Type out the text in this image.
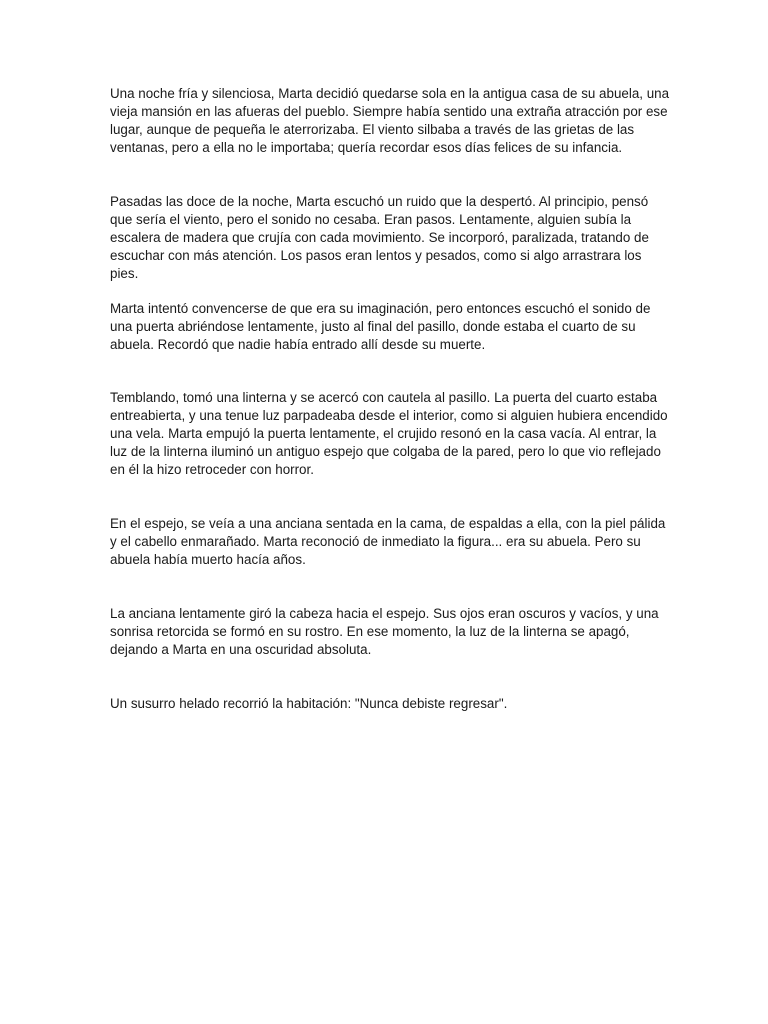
Una noche fría y silenciosa, Marta decidió quedarse sola en la antigua casa de su abuela, una vieja mansión en las afueras del pueblo. Siempre había sentido una extraña atracción por ese lugar, aunque de pequeña le aterrorizaba. El viento silbaba a través de las grietas de las ventanas, pero a ella no le importaba; quería recordar esos días felices de su infancia.

Pasadas las doce de la noche, Marta escuchó un ruido que la despertó. Al principio, pensó que sería el viento, pero el sonido no cesaba. Eran pasos. Lentamente, alguien subía la escalera de madera que crujía con cada movimiento. Se incorporó, paralizada, tratando de escuchar con más atención. Los pasos eran lentos y pesados, como si algo arrastrara los pies.

Marta intentó convencerse de que era su imaginación, pero entonces escuchó el sonido de una puerta abriéndose lentamente, justo al final del pasillo, donde estaba el cuarto de su abuela. Recordó que nadie había entrado allí desde su muerte.

Temblando, tomó una linterna y se acercó con cautela al pasillo. La puerta del cuarto estaba entreabierta, y una tenue luz parpadeaba desde el interior, como si alguien hubiera encendido una vela. Marta empujó la puerta lentamente, el crujido resonó en la casa vacía. Al entrar, la luz de la linterna iluminó un antiguo espejo que colgaba de la pared, pero lo que vio reflejado en él la hizo retroceder con horror.

En el espejo, se veía a una anciana sentada en la cama, de espaldas a ella, con la piel pálida y el cabello enmarañado. Marta reconoció de inmediato la figura... era su abuela. Pero su abuela había muerto hacía años.

La anciana lentamente giró la cabeza hacia el espejo. Sus ojos eran oscuros y vacíos, y una sonrisa retorcida se formó en su rostro. En ese momento, la luz de la linterna se apagó, dejando a Marta en una oscuridad absoluta.

Un susurro helado recorrió la habitación: "Nunca debiste regresar".
